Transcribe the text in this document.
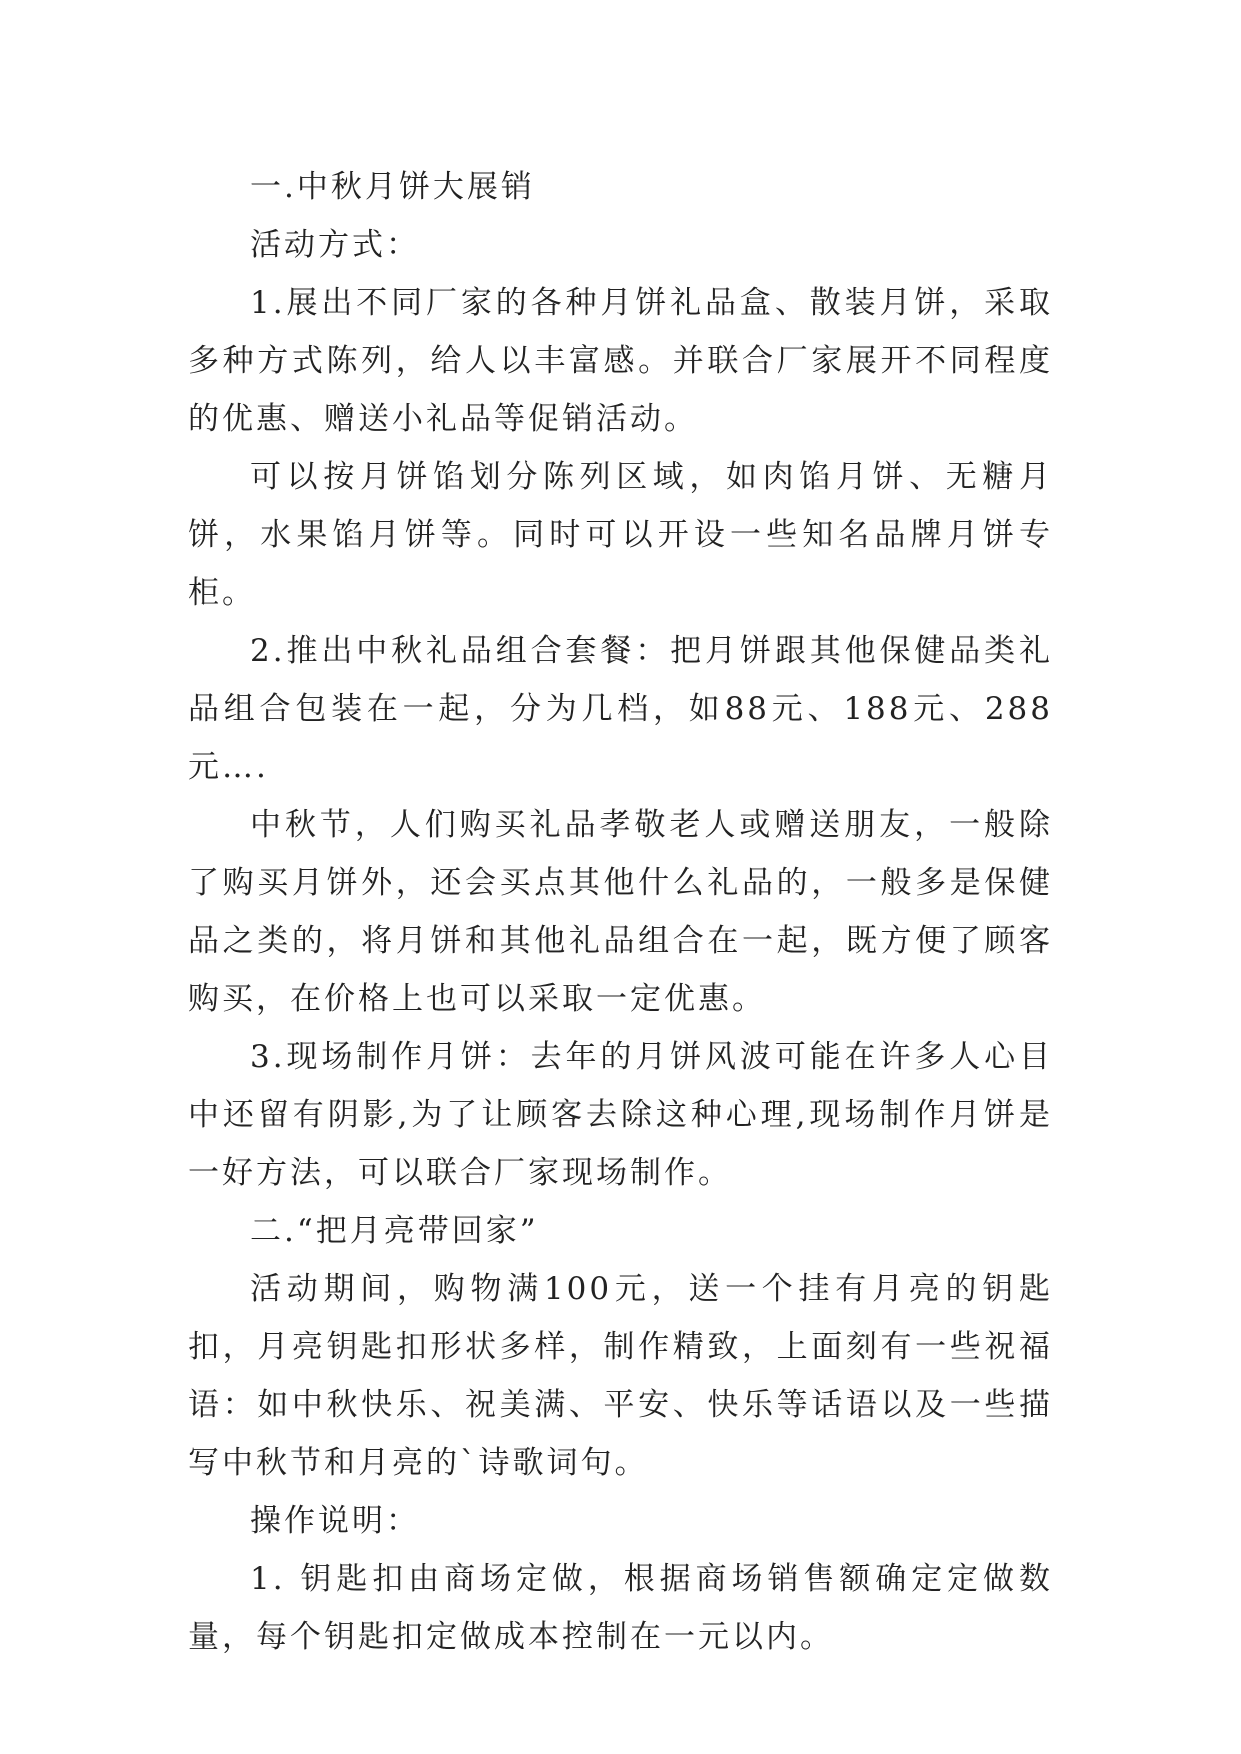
一.中秋月饼大展销

活动方式：

1.展出不同厂家的各种月饼礼品盒、散装月饼，采取多种方式陈列，给人以丰富感。并联合厂家展开不同程度的优惠、赠送小礼品等促销活动。

可以按月饼馅划分陈列区域，如肉馅月饼、无糖月饼，水果馅月饼等。同时可以开设一些知名品牌月饼专柜。

2.推出中秋礼品组合套餐：把月饼跟其他保健品类礼品组合包装在一起，分为几档，如88元、188元、288元….

中秋节，人们购买礼品孝敬老人或赠送朋友，一般除了购买月饼外，还会买点其他什么礼品的，一般多是保健品之类的，将月饼和其他礼品组合在一起，既方便了顾客购买，在价格上也可以采取一定优惠。

3.现场制作月饼：去年的月饼风波可能在许多人心目中还留有阴影,为了让顾客去除这种心理,现场制作月饼是一好方法，可以联合厂家现场制作。

二.“把月亮带回家”

活动期间，购物满100元，送一个挂有月亮的钥匙扣，月亮钥匙扣形状多样，制作精致，上面刻有一些祝福语：如中秋快乐、祝美满、平安、快乐等话语以及一些描写中秋节和月亮的`诗歌词句。

操作说明：

1. 钥匙扣由商场定做，根据商场销售额确定定做数量，每个钥匙扣定做成本控制在一元以内。
